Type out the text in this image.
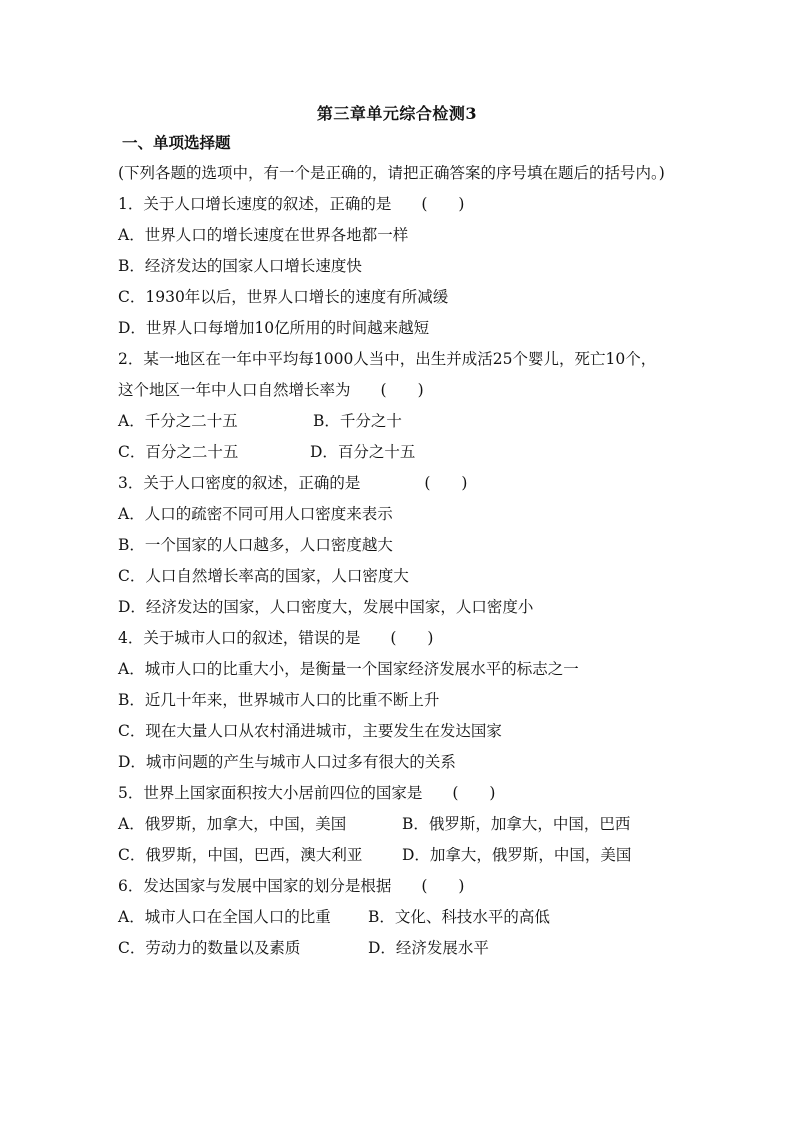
第三章单元综合检测3
一、单项选择题
(下列各题的选项中，有一个是正确的，请把正确答案的序号填在题后的括号内。)
1．关于人口增长速度的叙述，正确的是 (　　)
A．世界人口的增长速度在世界各地都一样
B．经济发达的国家人口增长速度快
C．1930年以后，世界人口增长的速度有所减缓
D．世界人口每增加10亿所用的时间越来越短
2．某一地区在一年中平均每1000人当中，出生并成活25个婴儿，死亡10个，
这个地区一年中人口自然增长率为 (　　)
A．千分之二十五	B．千分之十
C．百分之二十五	D．百分之十五
3．关于人口密度的叙述，正确的是	(　　)
A．人口的疏密不同可用人口密度来表示
B．一个国家的人口越多，人口密度越大
C．人口自然增长率高的国家，人口密度大
D．经济发达的国家，人口密度大，发展中国家，人口密度小
4．关于城市人口的叙述，错误的是 (　　)
A．城市人口的比重大小，是衡量一个国家经济发展水平的标志之一
B．近几十年来，世界城市人口的比重不断上升
C．现在大量人口从农村涌进城市，主要发生在发达国家
D．城市问题的产生与城市人口过多有很大的关系
5．世界上国家面积按大小居前四位的国家是 (　　)
A．俄罗斯，加拿大，中国，美国	B．俄罗斯，加拿大，中国，巴西
C．俄罗斯，中国，巴西，澳大利亚	D．加拿大，俄罗斯，中国，美国
6．发达国家与发展中国家的划分是根据 (　　)
A．城市人口在全国人口的比重	B．文化、科技水平的高低
C．劳动力的数量以及素质	D．经济发展水平
